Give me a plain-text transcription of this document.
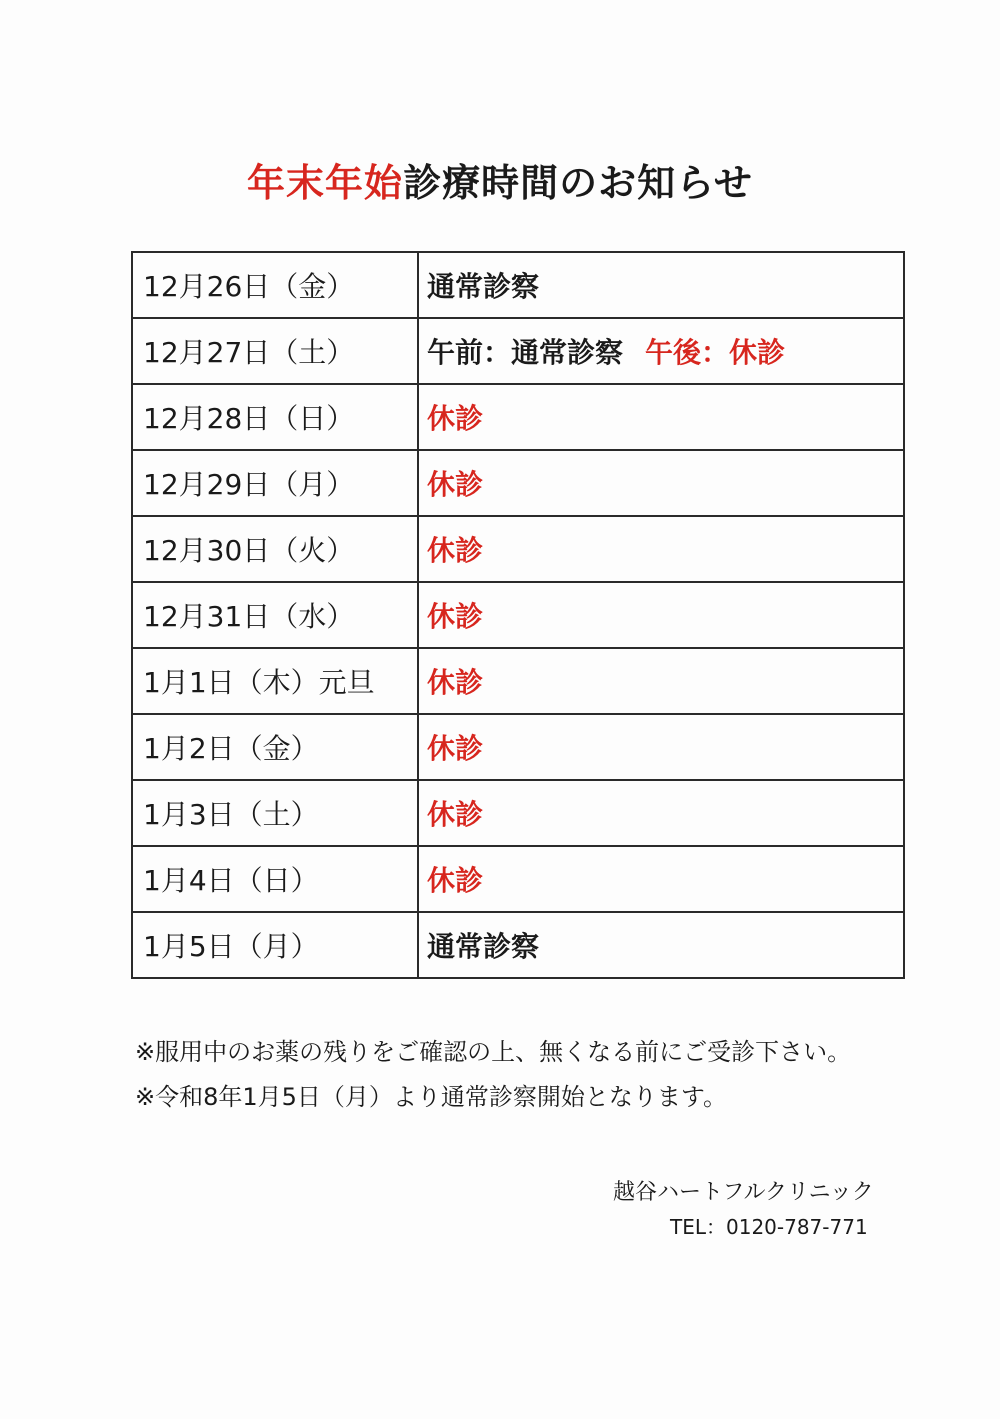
年末年始診療時間のお知らせ
12月26日（金）	通常診察
12月27日（土）	午前：通常診察 午後：休診
12月28日（日）	休診
12月29日（月）	休診
12月30日（火）	休診
12月31日（水）	休診
1月1日（木）元旦	休診
1月2日（金）	休診
1月3日（土）	休診
1月4日（日）	休診
1月5日（月）	通常診察
※服用中のお薬の残りをご確認の上、無くなる前にご受診下さい。
※令和8年1月5日（月）より通常診察開始となります。
越谷ハートフルクリニック
TEL：0120-787-771
